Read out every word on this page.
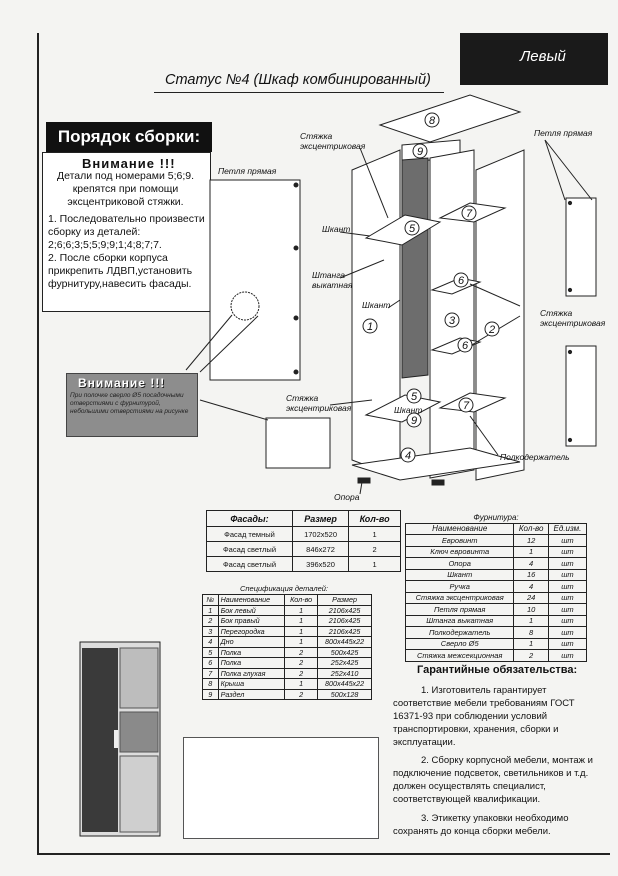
Левый
Статус №4 (Шкаф комбинированный)
Порядок сборки:
Внимание !!!
Детали под номерами 5;6;9. крепятся при помощи эксцентриковой стяжки.
1. Последовательно произвести сборку из деталей: 2;6;6;3;5;5;9;9;1;4;8;7;7.
2. После сборки корпуса прикрепить ЛДВП,установить фурнитуру,навесить фасады.
Внимание !!!
При полочке сверло Ø5 посадочными отверстиями с фурнитурой, небольшими отверстиями на рисунке
8
9
5
7
1
6
3
2
6
5
7
9
4
Стяжка эксцентриковая
Петля прямая
Петля прямая
Шкант
Штанга выкатная
Шкант
Стяжка эксцентриковая
Стяжка эксцентриковая	Шкант
Полкодержатель
Опора
Фасады:	Размер	Кол-во
Фасад темный	1702х520	1
Фасад светлый	846х272	2
Фасад светлый	396х520	1
Фурнитура:		
Наименование	Кол-во	Ед.изм.
Евровинт	12	шт
Ключ евровинта	1	шт
Опора	4	шт
Шкант	16	шт
Ручка	4	шт
Стяжка эксцентриковая	24	шт
Петля прямая	10	шт
Штанга выкатная	1	шт
Полкодержатель	8	шт
Сверло Ø5	1	шт
Стяжка межсекционная	2	шт
Спецификация деталей:
№	Наименование	Кол-во	Размер
1	Бок левый	1	2106х425
2	Бок правый	1	2106х425
3	Перегородка	1	2106х425
4	Дно	1	800х445х22
5	Полка	2	500х425
6	Полка	2	252х425
7	Полка глухая	2	252х410
8	Крыша	1	800х445х22
9	Раздел	2	500х128
Гарантийные обязательства:
1. Изготовитель гарантирует соответствие мебели требованиям ГОСТ 16371-93 при соблюдении условий транспортировки, хранения, сборки и эксплуатации.
2. Сборку корпусной мебели, монтаж и подключение подсветок, светильников и т.д. должен осуществлять специалист, соответствующей квалификации.
3. Этикетку упаковки необходимо сохранять до конца сборки мебели.
